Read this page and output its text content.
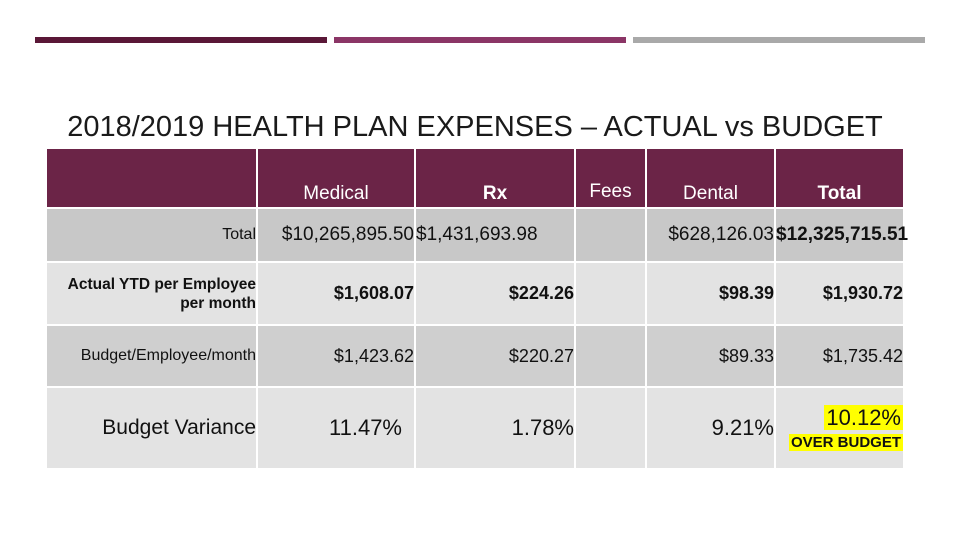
2018/2019 HEALTH PLAN EXPENSES – ACTUAL vs BUDGET
	Medical	Rx	Fees	Dental	Total
Total	$10,265,895.50	$1,431,693.98		$628,126.03	$12,325,715.51
Actual YTD per Employee per month	$1,608.07	$224.26		$98.39	$1,930.72
Budget/Employee/month	$1,423.62	$220.27		$89.33	$1,735.42
Budget Variance	11.47%	1.78%		9.21%	10.12%
OVER BUDGET
